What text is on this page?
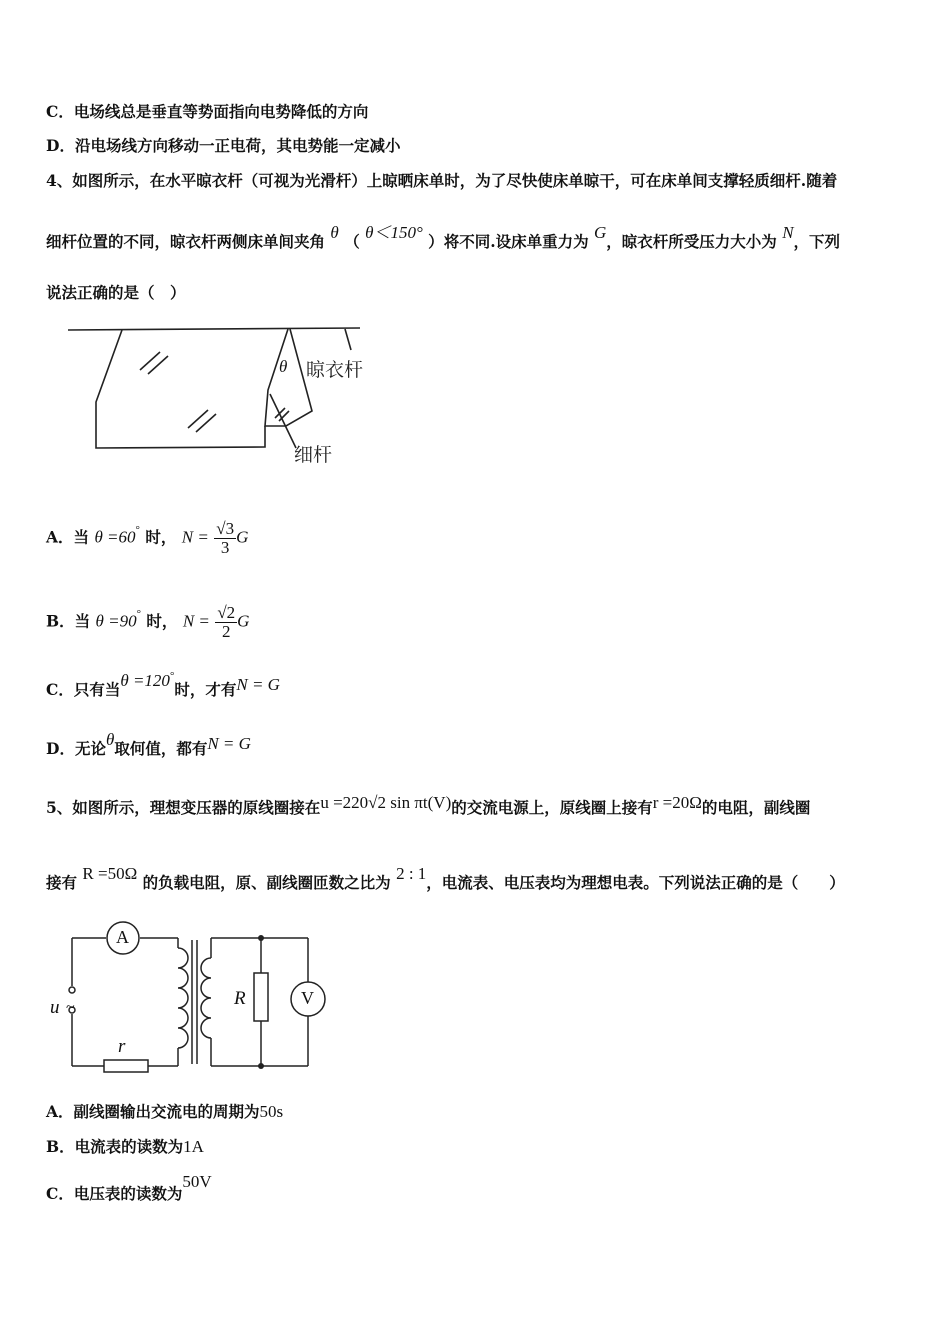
C．电场线总是垂直等势面指向电势降低的方向
D．沿电场线方向移动一正电荷，其电势能一定减小
4、如图所示，在水平晾衣杆（可视为光滑杆）上晾晒床单时，为了尽快使床单晾干，可在床单间支撑轻质细杆.随着
细杆位置的不同，晾衣杆两侧床单间夹角 θ （ θ＜150° ）将不同.设床单重力为 G，晾衣杆所受压力大小为 N，下列
说法正确的是（　）
晾衣杆
细杆
θ
A．当 θ =60° 时， $N = \frac{√3}{3}$ G
B．当 θ =90° 时， $N = \frac{√2}{2}$ G
C．只有当θ =120°时，才有N = G
D．无论θ取何值，都有N = G
5、如图所示，理想变压器的原线圈接在u =220√2 sin πt(V)的交流电源上，原线圈上接有r =20Ω的电阻，副线圈
接有 R =50Ω 的负载电阻，原、副线圈匝数之比为 2 : 1，电流表、电压表均为理想电表。下列说法正确的是（　　）
A
V
u ~
r
R
A．副线圈输出交流电的周期为50s
B．电流表的读数为1A
C．电压表的读数为50V
